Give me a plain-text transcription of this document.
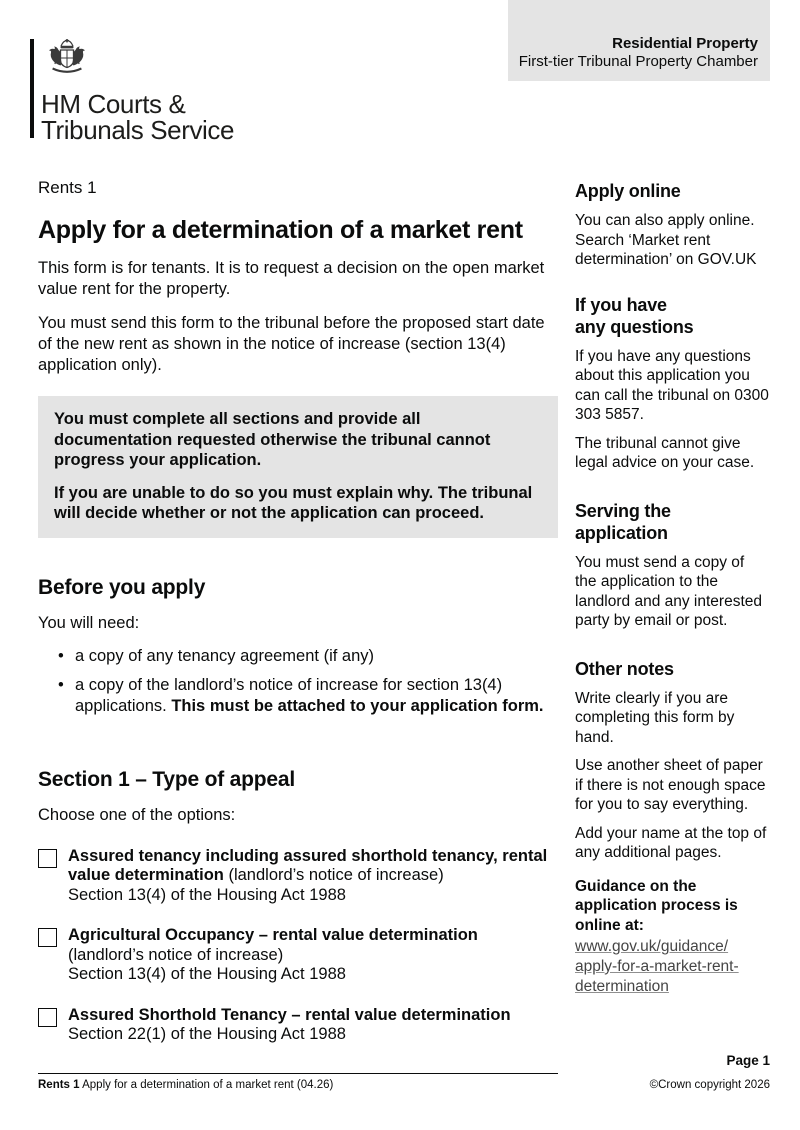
Residential Property
First-tier Tribunal Property Chamber
HM Courts &
Tribunals Service
Rents 1
Apply for a determination of a market rent

This form is for tenants. It is to request a decision on the open market value rent for the property.

You must send this form to the tribunal before the proposed start date of the new rent as shown in the notice of increase (section 13(4) application only).

You must complete all sections and provide all documentation requested otherwise the tribunal cannot progress your application.

If you are unable to do so you must explain why. The tribunal will decide whether or not the application can proceed.

Before you apply

You will need:

• a copy of any tenancy agreement (if any)
• a copy of the landlord’s notice of increase for section 13(4) applications. This must be attached to your application form.
Section 1 – Type of appeal

Choose one of the options:

Assured tenancy including assured shorthold tenancy, rental value determination (landlord’s notice of increase)
Section 13(4) of the Housing Act 1988
Agricultural Occupancy – rental value determination
(landlord’s notice of increase)
Section 13(4) of the Housing Act 1988
Assured Shorthold Tenancy – rental value determination
Section 22(1) of the Housing Act 1988
Apply online

You can also apply online. Search ‘Market rent determination’ on GOV.UK

If you have
any questions

If you have any questions about this application you can call the tribunal on 0300 303 5857.

The tribunal cannot give legal advice on your case.

Serving the
application

You must send a copy of the application to the landlord and any interested party by email or post.

Other notes

Write clearly if you are completing this form by hand.

Use another sheet of paper if there is not enough space for you to say everything.

Add your name at the top of any additional pages.

Guidance on the application process is online at:

www.gov.uk/guidance/
apply-for-a-market-rent-
determination
Page 1
Rents 1 Apply for a determination of a market rent (04.26)	©Crown copyright 2026
